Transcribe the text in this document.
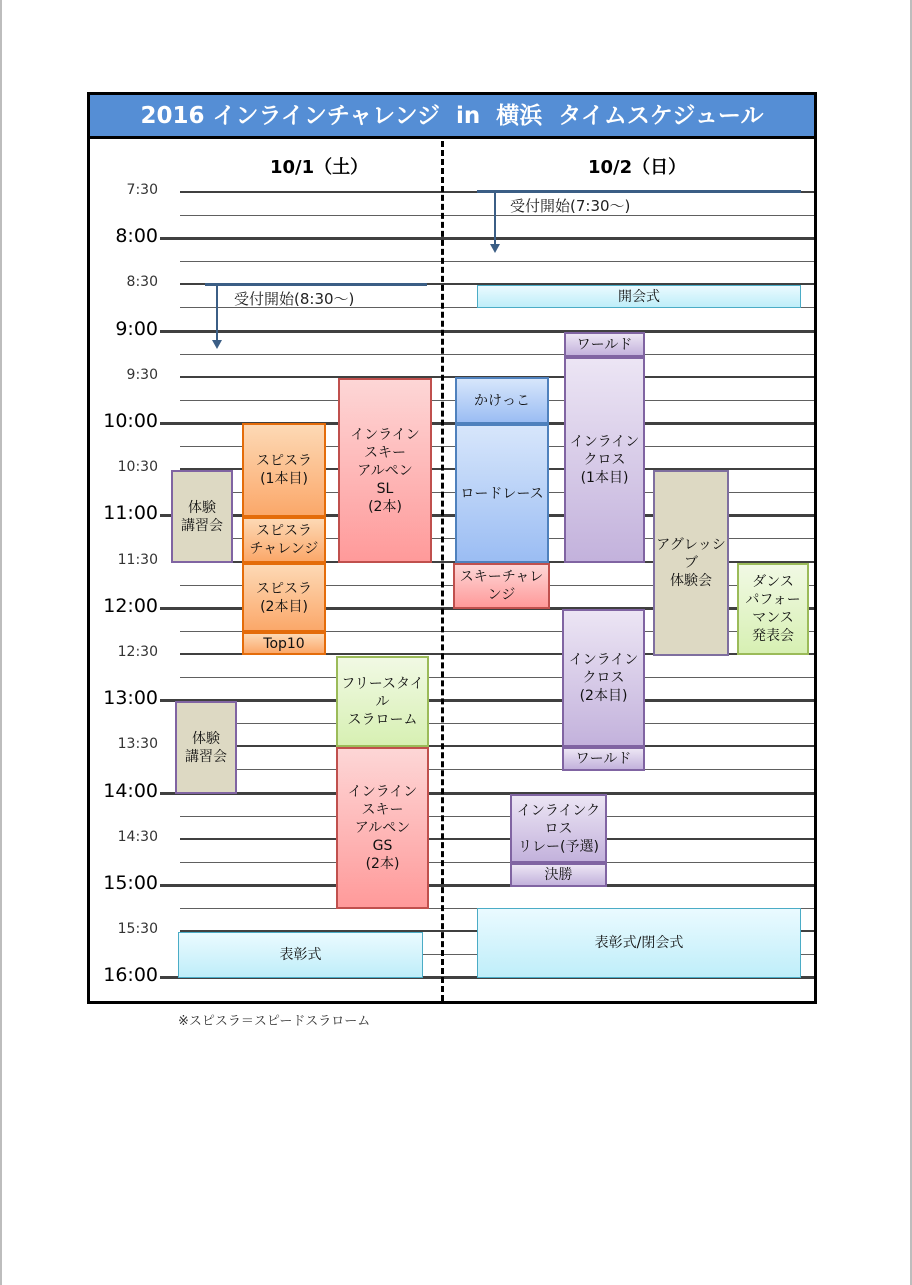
2016 インラインチャレンジ  in  横浜  タイムスケジュール
10/1（土）	10/2（日）
7:30
8:00
8:30
9:00
9:30
10:00
10:30
11:00
11:30
12:00
12:30
13:00
13:30
14:00
14:30
15:00
15:30
16:00
受付開始(8:30～)
受付開始(7:30～)
体験
講習会
スピスラ
(1本目)
スピスラ
チャレンジ
スピスラ
(2本目)
Top10
インライン
スキー
アルペン
SL
(2本)
フリースタイル
スラローム
体験
講習会
インライン
スキー
アルペン
GS
(2本)
表彰式
開会式
かけっこ
ロードレース
スキーチャレンジ
ワールド
インライン
クロス
(1本目)
アグレッシブ
体験会	ダンス
パフォー
マンス
発表会
インライン
クロス
(2本目)
ワールド
インラインクロス
リレー(予選)
決勝
表彰式/閉会式
※スピスラ＝スピードスラローム
